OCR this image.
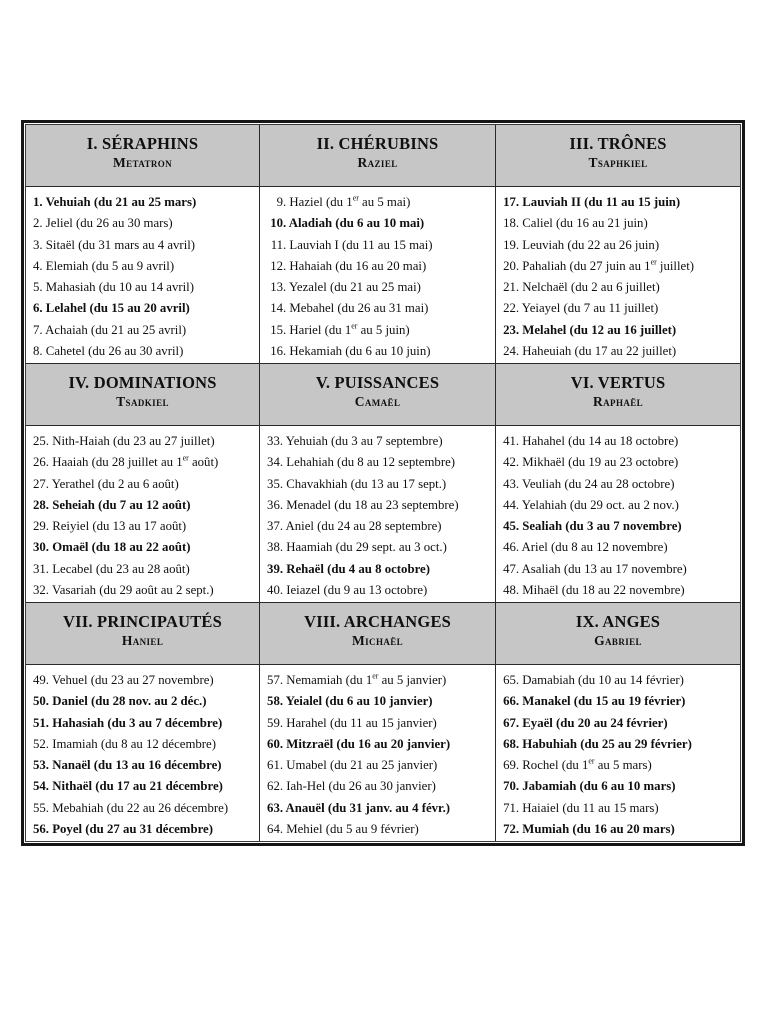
I. SÉRAPHINS
Metatron
1. Vehuiah (du 21 au 25 mars)
2. Jeliel (du 26 au 30 mars)
3. Sitaël (du 31 mars au 4 avril)
4. Elemiah (du 5 au 9 avril)
5. Mahasiah (du 10 au 14 avril)
6. Lelahel (du 15 au 20 avril)
7. Achaiah (du 21 au 25 avril)
8. Cahetel (du 26 au 30 avril)
II. CHÉRUBINS
Raziel
9. Haziel (du 1er au 5 mai)
10. Aladiah (du 6 au 10 mai)
11. Lauviah I (du 11 au 15 mai)
12. Hahaiah (du 16 au 20 mai)
13. Yezalel (du 21 au 25 mai)
14. Mebahel (du 26 au 31 mai)
15. Hariel (du 1er au 5 juin)
16. Hekamiah (du 6 au 10 juin)
III. TRÔNES
Tsaphkiel
17. Lauviah II (du 11 au 15 juin)
18. Caliel (du 16 au 21 juin)
19. Leuviah (du 22 au 26 juin)
20. Pahaliah (du 27 juin au 1er juillet)
21. Nelchaël (du 2 au 6 juillet)
22. Yeiayel (du 7 au 11 juillet)
23. Melahel (du 12 au 16 juillet)
24. Haheuiah (du 17 au 22 juillet)
IV. DOMINATIONS
Tsadkiel
25. Nith-Haiah (du 23 au 27 juillet)
26. Haaiah (du 28 juillet au 1er août)
27. Yerathel (du 2 au 6 août)
28. Seheiah (du 7 au 12 août)
29. Reiyiel (du 13 au 17 août)
30. Omaël (du 18 au 22 août)
31. Lecabel (du 23 au 28 août)
32. Vasariah (du 29 août au 2 sept.)
V. PUISSANCES
Camaël
33. Yehuiah (du 3 au 7 septembre)
34. Lehahiah (du 8 au 12 septembre)
35. Chavakhiah (du 13 au 17 sept.)
36. Menadel (du 18 au 23 septembre)
37. Aniel (du 24 au 28 septembre)
38. Haamiah (du 29 sept. au 3 oct.)
39. Rehaël (du 4 au 8 octobre)
40. Ieiazel (du 9 au 13 octobre)
VI. VERTUS
Raphaël
41. Hahahel (du 14 au 18 octobre)
42. Mikhaël (du 19 au 23 octobre)
43. Veuliah (du 24 au 28 octobre)
44. Yelahiah (du 29 oct. au 2 nov.)
45. Sealiah (du 3 au 7 novembre)
46. Ariel (du 8 au 12 novembre)
47. Asaliah (du 13 au 17 novembre)
48. Mihaël (du 18 au 22 novembre)
VII. PRINCIPAUTÉS
Haniel
49. Vehuel (du 23 au 27 novembre)
50. Daniel (du 28 nov. au 2 déc.)
51. Hahasiah (du 3 au 7 décembre)
52. Imamiah (du 8 au 12 décembre)
53. Nanaël (du 13 au 16 décembre)
54. Nithaël (du 17 au 21 décembre)
55. Mebahiah (du 22 au 26 décembre)
56. Poyel (du 27 au 31 décembre)
VIII. ARCHANGES
Michaël
57. Nemamiah (du 1er au 5 janvier)
58. Yeialel (du 6 au 10 janvier)
59. Harahel (du 11 au 15 janvier)
60. Mitzraël (du 16 au 20 janvier)
61. Umabel (du 21 au 25 janvier)
62. Iah-Hel (du 26 au 30 janvier)
63. Anauël (du 31 janv. au 4 févr.)
64. Mehiel (du 5 au 9 février)
IX. ANGES
Gabriel
65. Damabiah (du 10 au 14 février)
66. Manakel (du 15 au 19 février)
67. Eyaël (du 20 au 24 février)
68. Habuhiah (du 25 au 29 février)
69. Rochel (du 1er au 5 mars)
70. Jabamiah (du 6 au 10 mars)
71. Haiaiel (du 11 au 15 mars)
72. Mumiah (du 16 au 20 mars)
